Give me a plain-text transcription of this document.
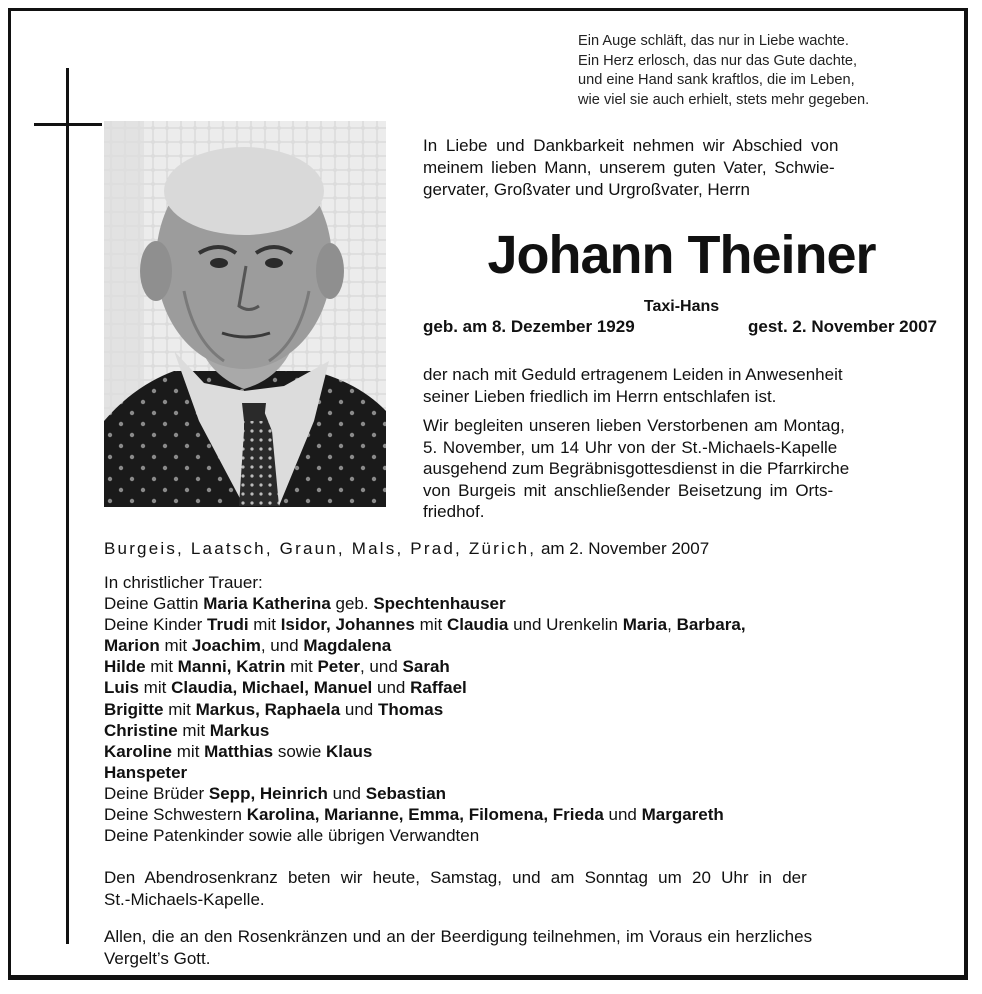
Ein Auge schläft, das nur in Liebe wachte.
Ein Herz erlosch, das nur das Gute dachte,
und eine Hand sank kraftlos, die im Leben,
wie viel sie auch erhielt, stets mehr gegeben.
In Liebe und Dankbarkeit nehmen wir Abschied von
meinem lieben Mann, unserem guten Vater, Schwie-
gervater, Großvater und Urgroßvater, Herrn
Johann Theiner
Taxi-Hans
geb. am 8. Dezember 1929	gest. 2. November 2007
der nach mit Geduld ertragenem Leiden in Anwesenheit
seiner Lieben friedlich im Herrn entschlafen ist.
Wir begleiten unseren lieben Verstorbenen am Montag,
5. November, um 14 Uhr von der St.-Michaels-Kapelle
ausgehend zum Begräbnisgottesdienst in die Pfarrkirche
von Burgeis mit anschließender Beisetzung im Orts-
friedhof.
Burgeis, Laatsch, Graun, Mals, Prad, Zürich, am 2. November 2007
In christlicher Trauer:
Deine Gattin Maria Katherina geb. Spechtenhauser
Deine Kinder Trudi mit Isidor, Johannes mit Claudia und Urenkelin Maria, Barbara,
Marion mit Joachim, und Magdalena
Hilde mit Manni, Katrin mit Peter, und Sarah
Luis mit Claudia, Michael, Manuel und Raffael
Brigitte mit Markus, Raphaela und Thomas
Christine mit Markus
Karoline mit Matthias sowie Klaus
Hanspeter
Deine Brüder Sepp, Heinrich und Sebastian
Deine Schwestern Karolina, Marianne, Emma, Filomena, Frieda und Margareth
Deine Patenkinder sowie alle übrigen Verwandten
Den Abendrosenkranz beten wir heute, Samstag, und am Sonntag um 20 Uhr in der
St.-Michaels-Kapelle.
Allen, die an den Rosenkränzen und an der Beerdigung teilnehmen, im Voraus ein herzliches
Vergelt’s Gott.
